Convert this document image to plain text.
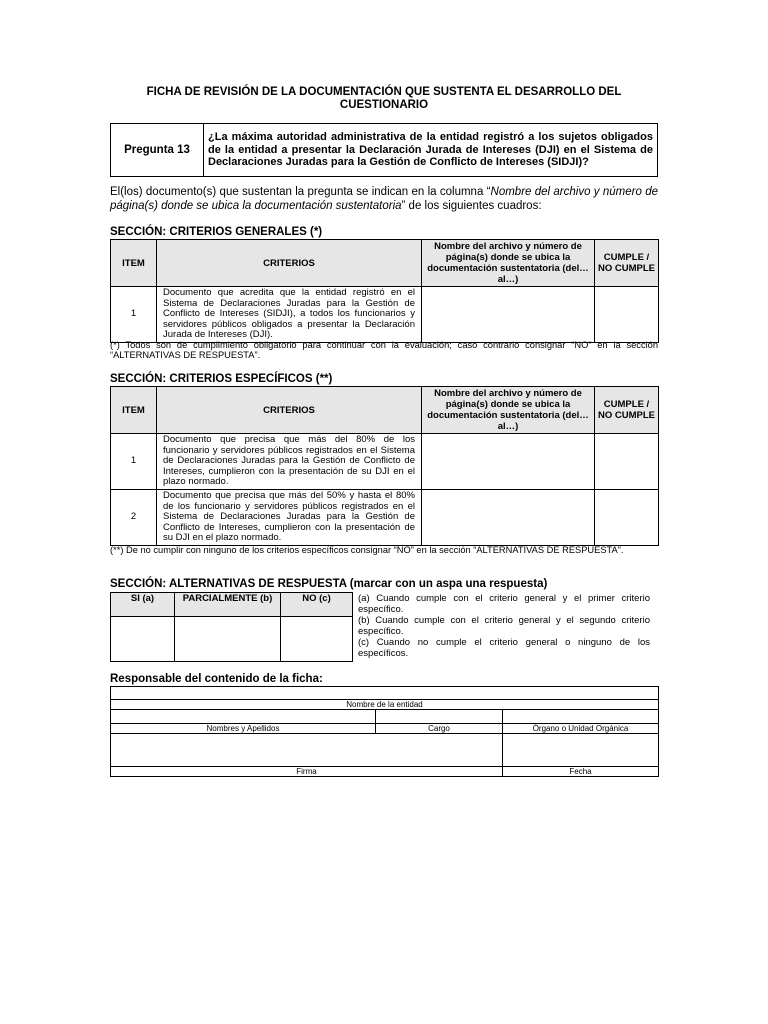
FICHA DE REVISIÓN DE LA DOCUMENTACIÓN QUE SUSTENTA EL DESARROLLO DEL CUESTIONARIO
Pregunta 13	¿La máxima autoridad administrativa de la entidad registró a los sujetos obligados de la entidad a presentar la Declaración Jurada de Intereses (DJI) en el Sistema de Declaraciones Juradas para la Gestión de Conflicto de Intereses (SIDJI)?
El(los) documento(s) que sustentan la pregunta se indican en la columna “Nombre del archivo y número de página(s) donde se ubica la documentación sustentatoria” de los siguientes cuadros:
SECCIÓN: CRITERIOS GENERALES (*)
ITEM	CRITERIOS	Nombre del archivo y número de página(s) donde se ubica la documentación sustentatoria (del… al…)	CUMPLE / NO CUMPLE
1	Documento que acredita que la entidad registró en el Sistema de Declaraciones Juradas para la Gestión de Conflicto de Intereses (SIDJI), a todos los funcionarios y servidores públicos obligados a presentar la Declaración Jurada de Intereses (DJI).		
(*) Todos son de cumplimiento obligatorio para continuar con la evaluación; caso contrario consignar “NO” en la sección “ALTERNATIVAS DE RESPUESTA”.
SECCIÓN: CRITERIOS ESPECÍFICOS (**)
ITEM	CRITERIOS	Nombre del archivo y número de página(s) donde se ubica la documentación sustentatoria (del… al…)	CUMPLE / NO CUMPLE
1	Documento que precisa que más del 80% de los funcionario y servidores públicos registrados en el Sistema de Declaraciones Juradas para la Gestión de Conflicto de Intereses, cumplieron con la presentación de su DJI en el plazo normado.		
2	Documento que precisa que más del 50% y hasta el 80% de los funcionario y servidores públicos registrados en el Sistema de Declaraciones Juradas para la Gestión de Conflicto de Intereses, cumplieron con la presentación de su DJI en el plazo normado.		
(**) De no cumplir con ninguno de los criterios específicos consignar “NO” en la sección “ALTERNATIVAS DE RESPUESTA”.
SECCIÓN: ALTERNATIVAS DE RESPUESTA (marcar con un aspa una respuesta)
SI (a)	PARCIALMENTE (b)	NO (c)
			(a) Cuando cumple con el criterio general y el primer criterio específico.
(b) Cuando cumple con el criterio general y el segundo criterio específico.
(c) Cuando no cumple el criterio general o ninguno de los específicos.
Responsable del contenido de la ficha:

Nombre de la entidad		

Nombres y Apellidos	Cargo	Órgano o Unidad Orgánica

Firma		Fecha
